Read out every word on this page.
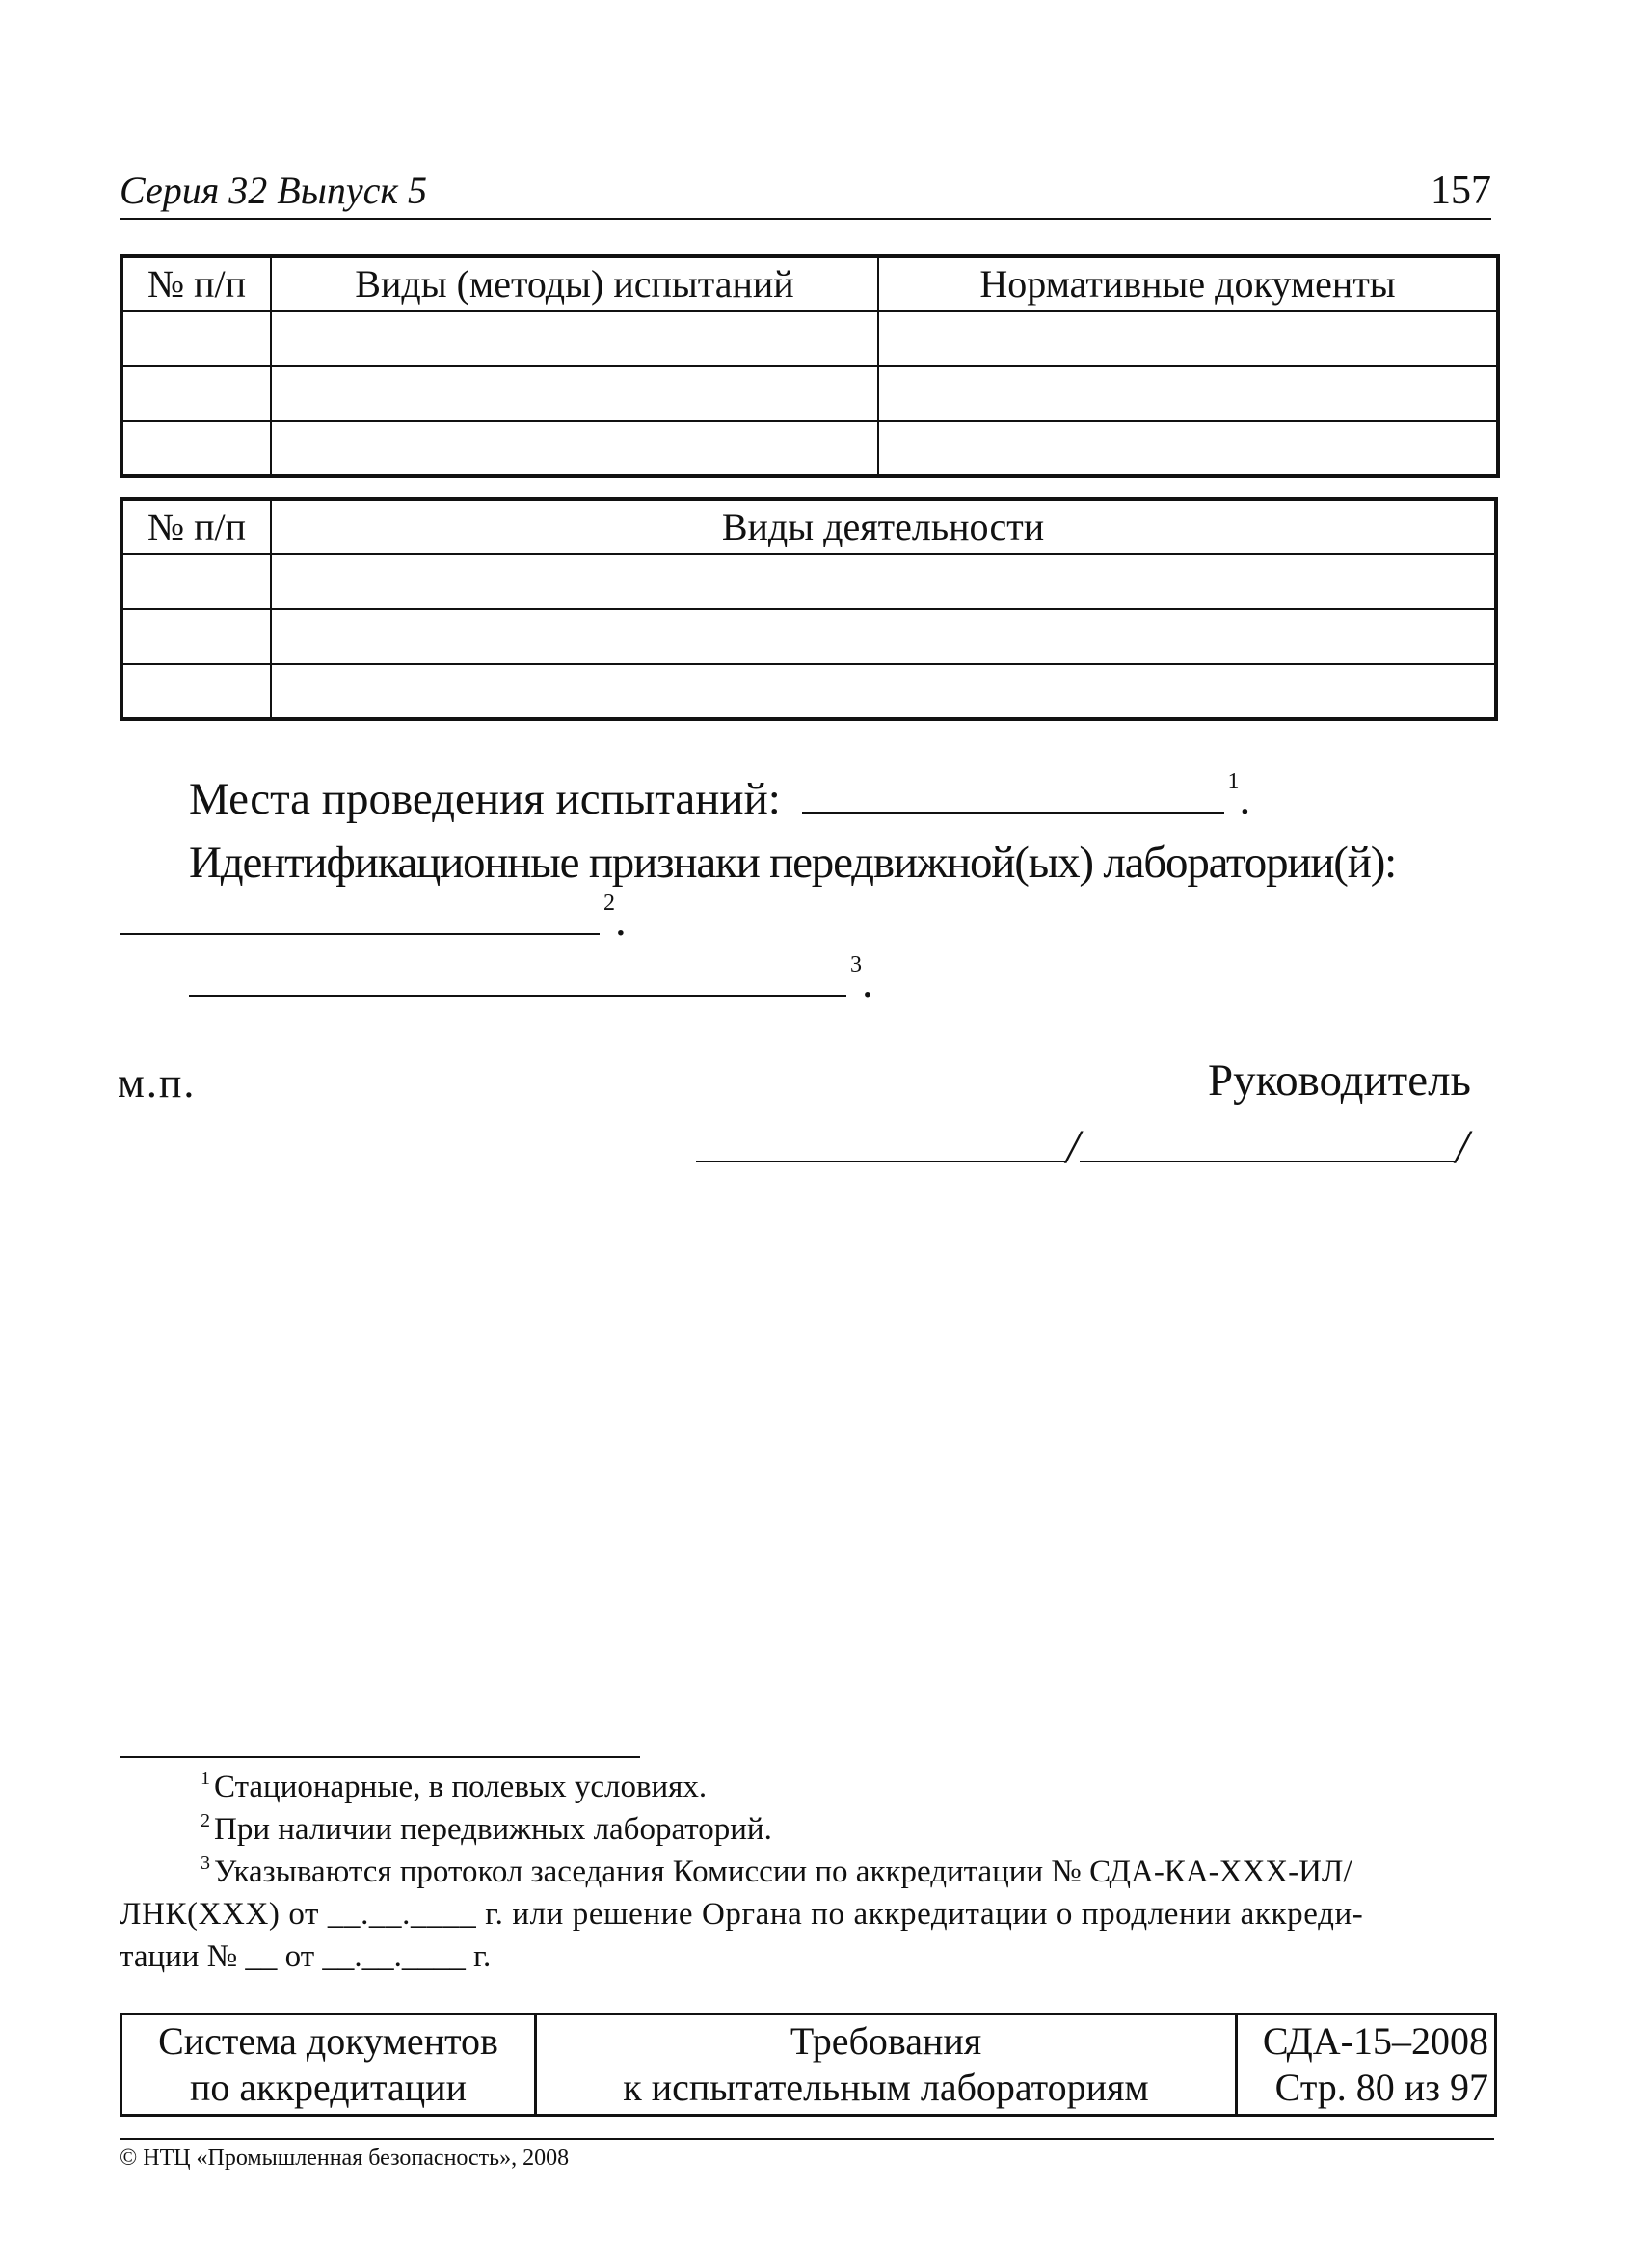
Серия 32 Выпуск 5	157
№ п/п	Виды (методы) испытаний	Нормативные документы

№ п/п	Виды деятельности

Места проведения испытаний:	$^1$.
Идентификационные признаки передвижной(ых) лаборатории(й):
$^2$.
$^3$.
м.п.	Руководитель
/	/
$^1$ Стационарные, в полевых условиях.
$^2$ При наличии передвижных лабораторий.
$^3$ Указываются протокол заседания Комиссии по аккредитации № СДА-КА-XXX-ИЛ/
ЛНК(XXX) от __.__.____ г. или решение Органа по аккредитации о продлении аккреди-
тации № __ от __.__.____ г.
Система документов
по аккредитации

Требования
к испытательным лабораториям

СДА-15–2008
Стр. 80 из 97
© НТЦ «Промышленная безопасность», 2008
